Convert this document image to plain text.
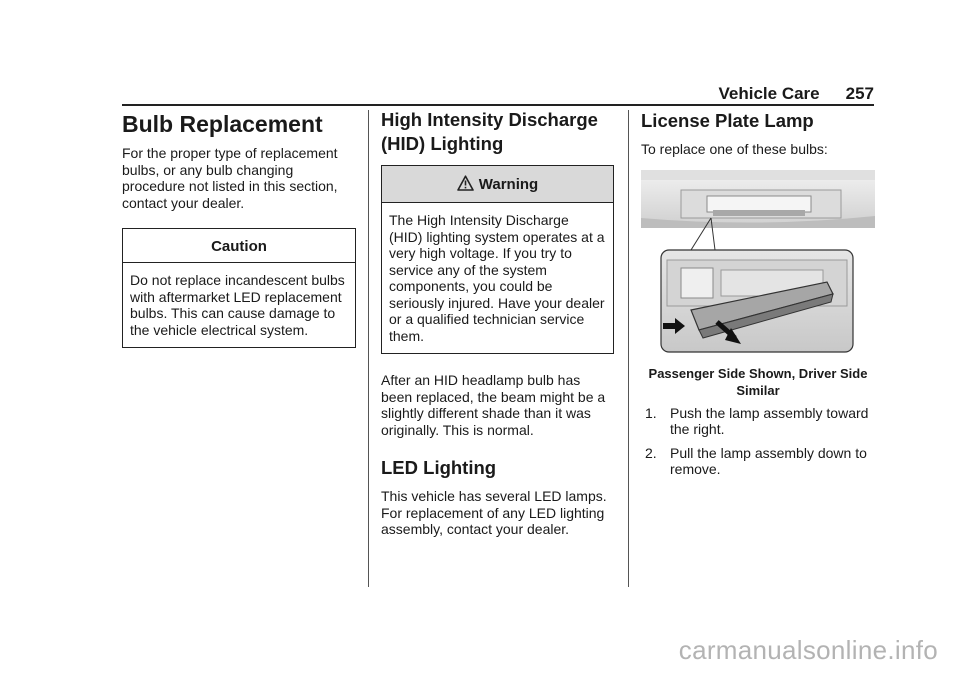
Vehicle Care 257
Bulb Replacement

For the proper type of replacement bulbs, or any bulb changing procedure not listed in this section, contact your dealer.

Caution
Do not replace incandescent bulbs with aftermarket LED replacement bulbs. This can cause damage to the vehicle electrical system.
High Intensity Discharge (HID) Lighting
Warning
The High Intensity Discharge (HID) lighting system operates at a very high voltage. If you try to service any of the system components, you could be seriously injured. Have your dealer or a qualified technician service them.

After an HID headlamp bulb has been replaced, the beam might be a slightly different shade than it was originally. This is normal.

LED Lighting

This vehicle has several LED lamps. For replacement of any LED lighting assembly, contact your dealer.

License Plate Lamp

To replace one of these bulbs:

Passenger Side Shown, Driver Side Similar
1. Push the lamp assembly toward the right.
2. Pull the lamp assembly down to remove.
carmanualsonline.info
